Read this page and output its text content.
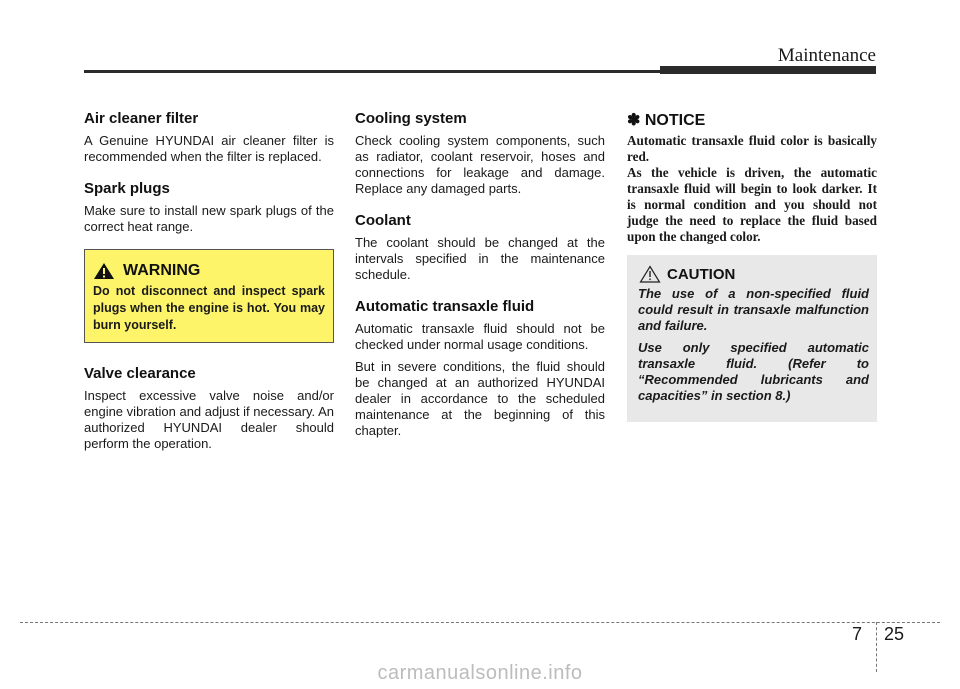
Maintenance
Air cleaner filter

A Genuine HYUNDAI air cleaner filter is recommended when the filter is replaced.

Spark plugs

Make sure to install new spark plugs of the correct heat range.

WARNING
Do not disconnect and inspect spark plugs when the engine is hot. You may burn yourself.
Valve clearance

Inspect excessive valve noise and/or engine vibration and adjust if necessary. An authorized HYUNDAI dealer should perform the operation.

Cooling system

Check cooling system components, such as radiator, coolant reservoir, hoses and connections for leakage and damage. Replace any damaged parts.

Coolant

The coolant should be changed at the intervals specified in the maintenance schedule.

Automatic transaxle fluid

Automatic transaxle fluid should not be checked under normal usage conditions.

But in severe conditions, the fluid should be changed at an authorized HYUNDAI dealer in accordance to the scheduled maintenance at the beginning of this chapter.

✽ NOTICE

Automatic transaxle fluid color is basically red.

As the vehicle is driven, the automatic transaxle fluid will begin to look darker. It is normal condition and you should not judge the need to replace the fluid based upon the changed color.

CAUTION

The use of a non-specified fluid could result in transaxle malfunction and failure.

Use only specified automatic transaxle fluid. (Refer to “Recommended lubricants and capacities” in section 8.)

7 25
carmanualsonline.info
